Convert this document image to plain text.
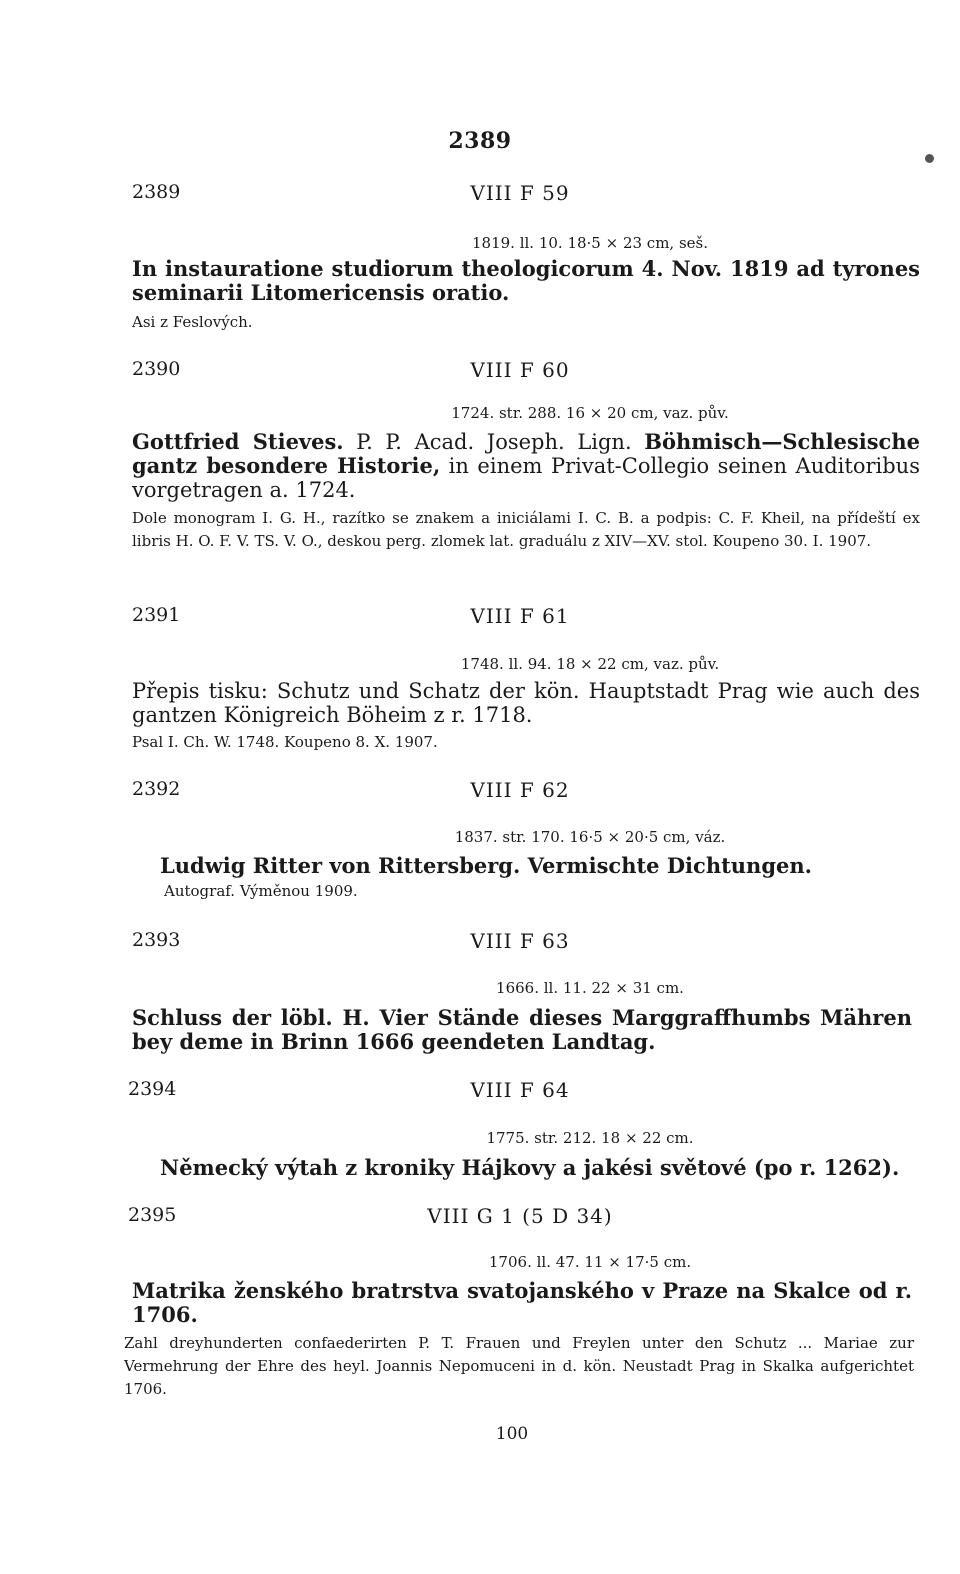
2389
2389	VIII F 59
1819. ll. 10. 18·5 × 23 cm, seš.
In instauratione studiorum theologicorum 4. Nov. 1819 ad tyrones seminarii Litomericensis oratio.
Asi z Feslových.
2390	VIII F 60
1724. str. 288. 16 × 20 cm, vaz. pův.
Gottfried Stieves. P. P. Acad. Joseph. Lign. Böhmisch—Schlesische gantz besondere Historie, in einem Privat-Collegio seinen Auditoribus vorgetragen a. 1724.
Dole monogram I. G. H., razítko se znakem a iniciálami I. C. B. a podpis: C. F. Kheil, na přídeští ex libris H. O. F. V. TS. V. O., deskou perg. zlomek lat. graduálu z XIV—XV. stol. Koupeno 30. I. 1907.
2391	VIII F 61
1748. ll. 94. 18 × 22 cm, vaz. pův.
Přepis tisku: Schutz und Schatz der kön. Hauptstadt Prag wie auch des gantzen Königreich Böheim z r. 1718.
Psal I. Ch. W. 1748. Koupeno 8. X. 1907.
2392	VIII F 62
1837. str. 170. 16·5 × 20·5 cm, váz.
Ludwig Ritter von Rittersberg. Vermischte Dichtungen.
Autograf. Výměnou 1909.
2393	VIII F 63
1666. ll. 11. 22 × 31 cm.
Schluss der löbl. H. Vier Stände dieses Marggraffhumbs Mähren bey deme in Brinn 1666 geendeten Landtag.
2394	VIII F 64
1775. str. 212. 18 × 22 cm.
Německý výtah z kroniky Hájkovy a jakési světové (po r. 1262).
2395	VIII G 1 (5 D 34)
1706. ll. 47. 11 × 17·5 cm.
Matrika ženského bratrstva svatojanského v Praze na Skalce od r. 1706.
Zahl dreyhunderten confaederirten P. T. Frauen und Freylen unter den Schutz ... Mariae zur Vermehrung der Ehre des heyl. Joannis Nepomuceni in d. kön. Neustadt Prag in Skalka aufgerichtet 1706.
100
